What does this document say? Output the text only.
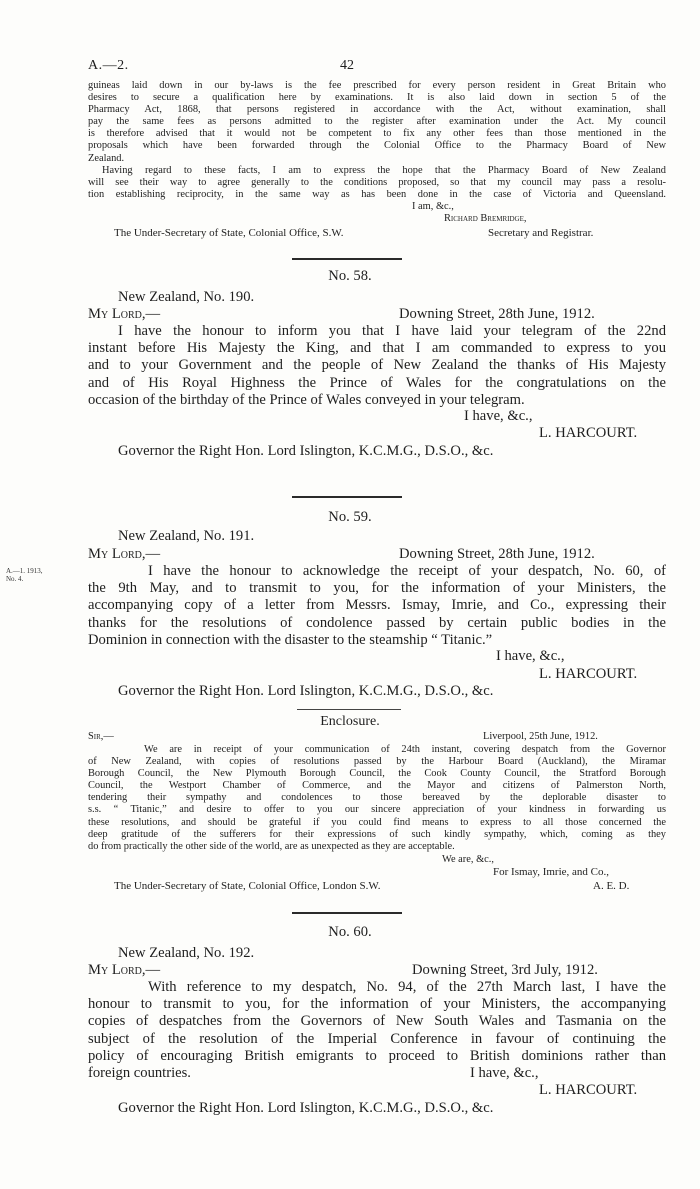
A.—2.	42
guineas laid down in our by-laws is the fee prescribed for every person resident in Great Britain who
desires to secure a qualification here by examinations. It is also laid down in section 5 of the
Pharmacy Act, 1868, that persons registered in accordance with the Act, without examination, shall
pay the same fees as persons admitted to the register after examination under the Act. My council
is therefore advised that it would not be competent to fix any other fees than those mentioned in the
proposals which have been forwarded through the Colonial Office to the Pharmacy Board of New
Zealand.
Having regard to these facts, I am to express the hope that the Pharmacy Board of New Zealand
will see their way to agree generally to the conditions proposed, so that my council may pass a resolu-
tion establishing reciprocity, in the same way as has been done in the case of Victoria and Queensland.
I am, &c.,
Richard Bremridge,
The Under-Secretary of State, Colonial Office, S.W.	Secretary and Registrar.
No. 58.
New Zealand, No. 190.
My Lord,—	Downing Street, 28th June, 1912.
I have the honour to inform you that I have laid your telegram of the 22nd
instant before His Majesty the King, and that I am commanded to express to you
and to your Government and the people of New Zealand the thanks of His Majesty
and of His Royal Highness the Prince of Wales for the congratulations on the
occasion of the birthday of the Prince of Wales conveyed in your telegram.
I have, &c.,
L. HARCOURT.
Governor the Right Hon. Lord Islington, K.C.M.G., D.S.O., &c.
No. 59.
New Zealand, No. 191.
My Lord,—	Downing Street, 28th June, 1912.
A.—1. 1913,
No. 4.	I have the honour to acknowledge the receipt of your despatch, No. 60, of
the 9th May, and to transmit to you, for the information of your Ministers, the
accompanying copy of a letter from Messrs. Ismay, Imrie, and Co., expressing their
thanks for the resolutions of condolence passed by certain public bodies in the
Dominion in connection with the disaster to the steamship “ Titanic.”
I have, &c.,
L. HARCOURT.
Governor the Right Hon. Lord Islington, K.C.M.G., D.S.O., &c.
Enclosure.
Sir,—	Liverpool, 25th June, 1912.
We are in receipt of your communication of 24th instant, covering despatch from the Governor
of New Zealand, with copies of resolutions passed by the Harbour Board (Auckland), the Miramar
Borough Council, the New Plymouth Borough Council, the Cook County Council, the Stratford Borough
Council, the Westport Chamber of Commerce, and the Mayor and citizens of Palmerston North,
tendering their sympathy and condolences to those bereaved by the deplorable disaster to
s.s. “ Titanic,” and desire to offer to you our sincere appreciation of your kindness in forwarding us
these resolutions, and should be grateful if you could find means to express to all those concerned the
deep gratitude of the sufferers for their expressions of such kindly sympathy, which, coming as they
do from practically the other side of the world, are as unexpected as they are acceptable.
We are, &c.,
For Ismay, Imrie, and Co.,
The Under-Secretary of State, Colonial Office, London S.W.	A. E. D.
No. 60.
New Zealand, No. 192.
My Lord,—	Downing Street, 3rd July, 1912.
With reference to my despatch, No. 94, of the 27th March last, I have the
honour to transmit to you, for the information of your Ministers, the accompanying
copies of despatches from the Governors of New South Wales and Tasmania on the
subject of the resolution of the Imperial Conference in favour of continuing the
policy of encouraging British emigrants to proceed to British dominions rather than
foreign countries.	I have, &c.,
L. HARCOURT.
Governor the Right Hon. Lord Islington, K.C.M.G., D.S.O., &c.
